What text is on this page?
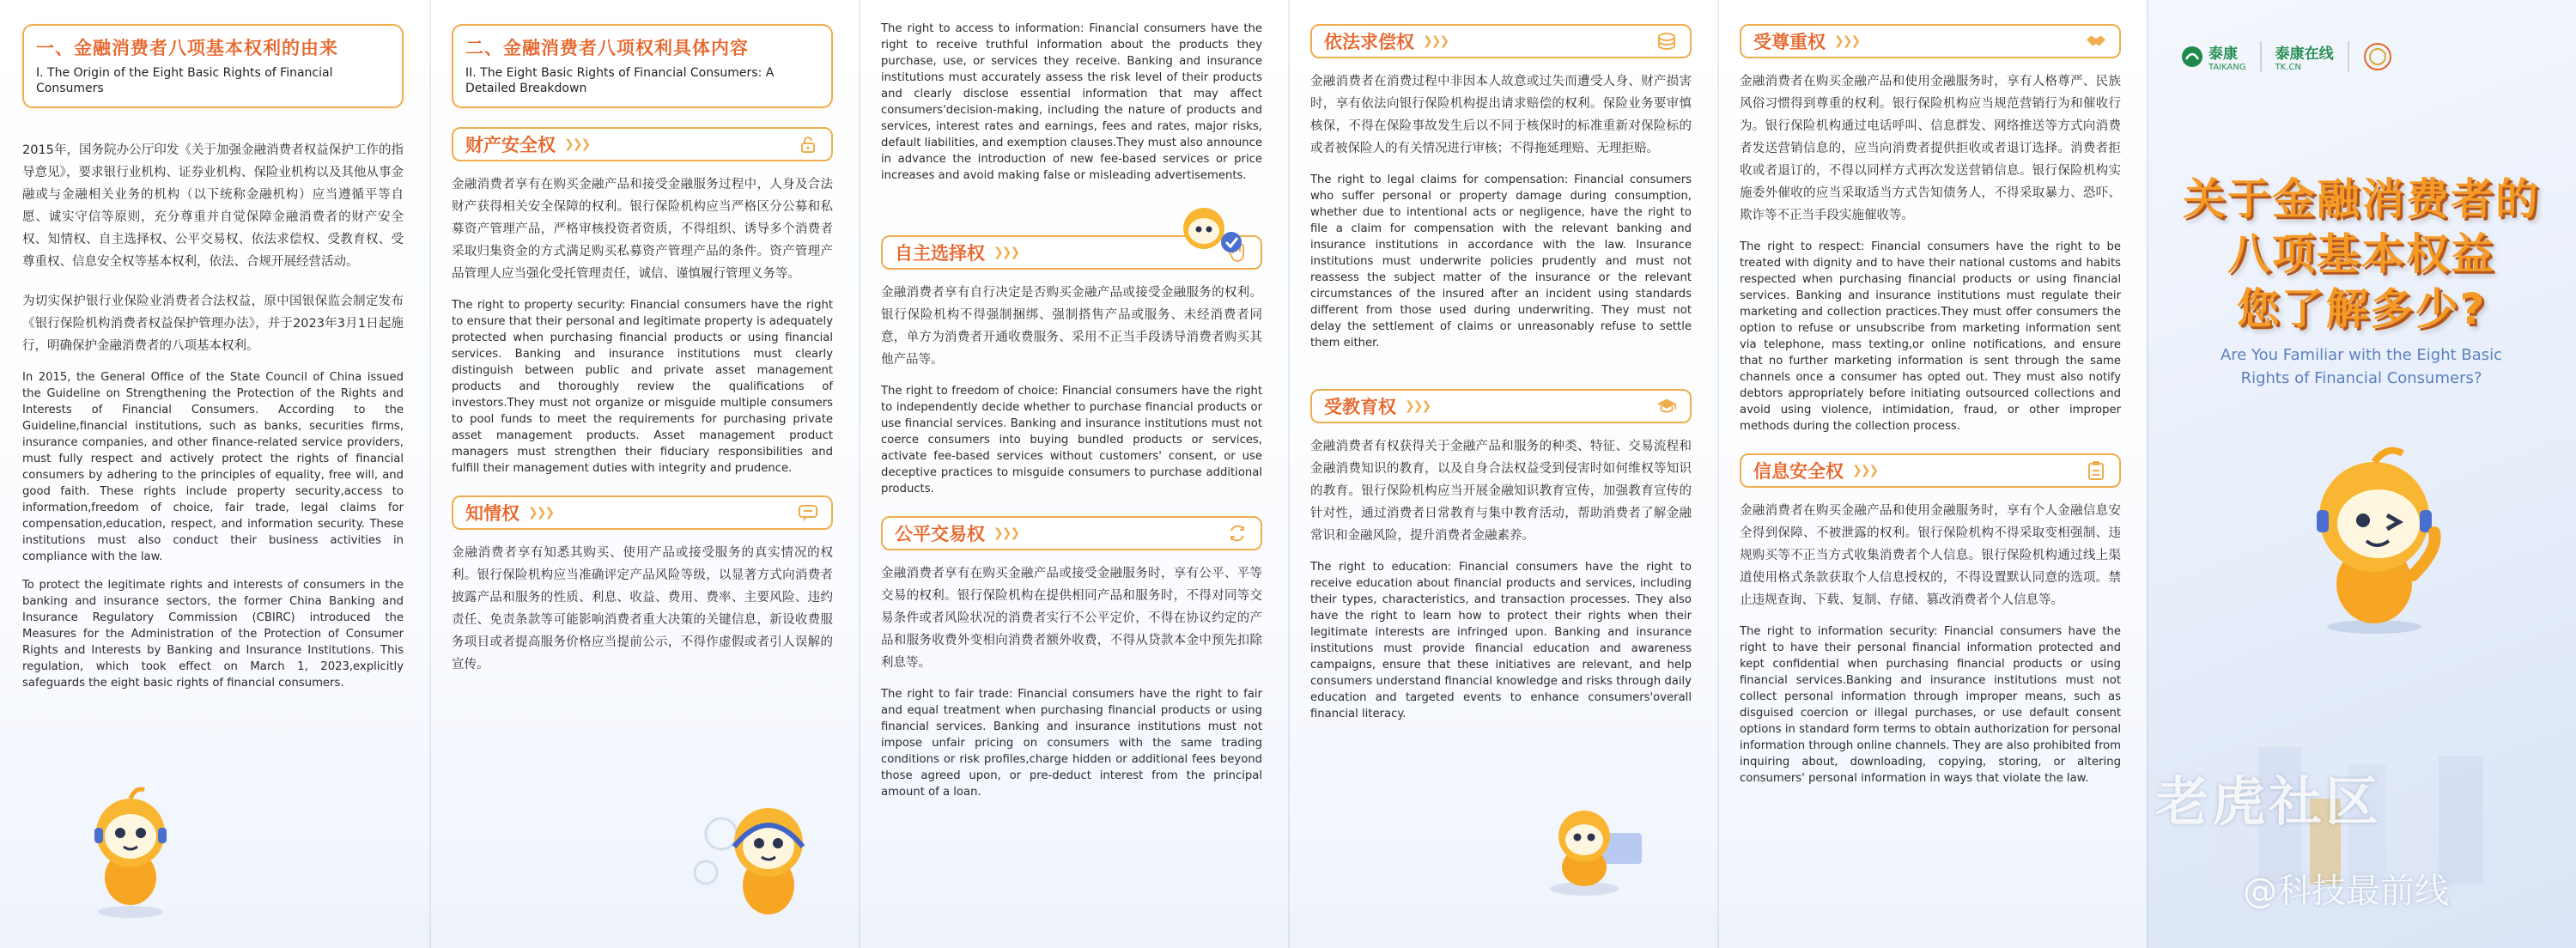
一、金融消费者八项基本权利的由来
I. The Origin of the Eight Basic Rights of Financial Consumers

2015年，国务院办公厅印发《关于加强金融消费者权益保护工作的指导意见》，要求银行业机构、证券业机构、保险业机构以及其他从事金融或与金融相关业务的机构（以下统称金融机构）应当遵循平等自愿、诚实守信等原则，充分尊重并自觉保障金融消费者的财产安全权、知情权、自主选择权、公平交易权、依法求偿权、受教育权、受尊重权、信息安全权等基本权利，依法、合规开展经营活动。

为切实保护银行业保险业消费者合法权益，原中国银保监会制定发布《银行保险机构消费者权益保护管理办法》，并于2023年3月1日起施行，明确保护金融消费者的八项基本权利。

In 2015, the General Office of the State Council of China issued the Guideline on Strengthening the Protection of the Rights and Interests of Financial Consumers. According to the Guideline,financial institutions, such as banks, securities firms, insurance companies, and other finance-related service providers, must fully respect and actively protect the rights of financial consumers by adhering to the principles of equality, free will, and good faith. These rights include property security,access to information,freedom of choice, fair trade, legal claims for compensation,education, respect, and information security. These institutions must also conduct their business activities in compliance with the law.

To protect the legitimate rights and interests of consumers in the banking and insurance sectors, the former China Banking and Insurance Regulatory Commission (CBIRC) introduced the Measures for the Administration of the Protection of Consumer Rights and Interests by Banking and Insurance Institutions. This regulation, which took effect on March 1, 2023,explicitly safeguards the eight basic rights of financial consumers.

二、金融消费者八项权利具体内容
II. The Eight Basic Rights of Financial Consumers: A Detailed Breakdown
财产安全权 ❯❯❯

金融消费者享有在购买金融产品和接受金融服务过程中，人身及合法财产获得相关安全保障的权利。银行保险机构应当严格区分公募和私募资产管理产品，严格审核投资者资质，不得组织、诱导多个消费者采取归集资金的方式满足购买私募资产管理产品的条件。资产管理产品管理人应当强化受托管理责任，诚信、谨慎履行管理义务等。

The right to property security: Financial consumers have the right to ensure that their personal and legitimate property is adequately protected when purchasing financial products or using financial services. Banking and insurance institutions must clearly distinguish between public and private asset management products and thoroughly review the qualifications of investors.They must not organize or misguide multiple consumers to pool funds to meet the requirements for purchasing private asset management products. Asset management product managers must strengthen their fiduciary responsibilities and fulfill their management duties with integrity and prudence.

知情权 ❯❯❯

金融消费者享有知悉其购买、使用产品或接受服务的真实情况的权利。银行保险机构应当准确评定产品风险等级，以显著方式向消费者披露产品和服务的性质、利息、收益、费用、费率、主要风险、违约责任、免责条款等可能影响消费者重大决策的关键信息，新设收费服务项目或者提高服务价格应当提前公示，不得作虚假或者引人误解的宣传。

The right to access to information: Financial consumers have the right to receive truthful information about the products they purchase, use, or services they receive. Banking and insurance institutions must accurately assess the risk level of their products and clearly disclose essential information that may affect consumers'decision-making, including the nature of products and services, interest rates and earnings, fees and rates, major risks, default liabilities, and exemption clauses.They must also announce in advance the introduction of new fee-based services or price increases and avoid making false or misleading advertisements.

自主选择权 ❯❯❯

金融消费者享有自行决定是否购买金融产品或接受金融服务的权利。银行保险机构不得强制捆绑、强制搭售产品或服务、未经消费者同意，单方为消费者开通收费服务、采用不正当手段诱导消费者购买其他产品等。

The right to freedom of choice: Financial consumers have the right to independently decide whether to purchase financial products or use financial services. Banking and insurance institutions must not coerce consumers into buying bundled products or services, activate fee-based services without customers' consent, or use deceptive practices to misguide consumers to purchase additional products.

公平交易权 ❯❯❯

金融消费者享有在购买金融产品或接受金融服务时，享有公平、平等交易的权利。银行保险机构在提供相同产品和服务时，不得对同等交易条件或者风险状况的消费者实行不公平定价，不得在协议约定的产品和服务收费外变相向消费者额外收费，不得从贷款本金中预先扣除利息等。

The right to fair trade: Financial consumers have the right to fair and equal treatment when purchasing financial products or using financial services. Banking and insurance institutions must not impose unfair pricing on consumers with the same trading conditions or risk profiles,charge hidden or additional fees beyond those agreed upon, or pre-deduct interest from the principal amount of a loan.

依法求偿权 ❯❯❯

金融消费者在消费过程中非因本人故意或过失而遭受人身、财产损害时，享有依法向银行保险机构提出请求赔偿的权利。保险业务要审慎核保，不得在保险事故发生后以不同于核保时的标准重新对保险标的或者被保险人的有关情况进行审核；不得拖延理赔、无理拒赔。

The right to legal claims for compensation: Financial consumers who suffer personal or property damage during consumption, whether due to intentional acts or negligence, have the right to file a claim for compensation with the relevant banking and insurance institutions in accordance with the law. Insurance institutions must underwrite policies prudently and must not reassess the subject matter of the insurance or the relevant circumstances of the insured after an incident using standards different from those used during underwriting. They must not delay the settlement of claims or unreasonably refuse to settle them either.

受教育权 ❯❯❯

金融消费者有权获得关于金融产品和服务的种类、特征、交易流程和金融消费知识的教育，以及自身合法权益受到侵害时如何维权等知识的教育。银行保险机构应当开展金融知识教育宣传，加强教育宣传的针对性，通过消费者日常教育与集中教育活动，帮助消费者了解金融常识和金融风险，提升消费者金融素养。

The right to education: Financial consumers have the right to receive education about financial products and services, including their types, characteristics, and transaction processes. They also have the right to learn how to protect their rights when their legitimate interests are infringed upon. Banking and insurance institutions must provide financial education and awareness campaigns, ensure that these initiatives are relevant, and help consumers understand financial knowledge and risks through daily education and targeted events to enhance consumers'overall financial literacy.

受尊重权 ❯❯❯

金融消费者在购买金融产品和使用金融服务时，享有人格尊严、民族风俗习惯得到尊重的权利。银行保险机构应当规范营销行为和催收行为。银行保险机构通过电话呼叫、信息群发、网络推送等方式向消费者发送营销信息的，应当向消费者提供拒收或者退订选择。消费者拒收或者退订的，不得以同样方式再次发送营销信息。银行保险机构实施委外催收的应当采取适当方式告知债务人，不得采取暴力、恐吓、欺诈等不正当手段实施催收等。

The right to respect: Financial consumers have the right to be treated with dignity and to have their national customs and habits respected when purchasing financial products or using financial services. Banking and insurance institutions must regulate their marketing and collection practices.They must offer consumers the option to refuse or unsubscribe from marketing information sent via telephone, mass texting,or online notifications, and ensure that no further marketing information is sent through the same channels once a consumer has opted out. They must also notify debtors appropriately before initiating outsourced collections and avoid using violence, intimidation, fraud, or other improper methods during the collection process.

信息安全权 ❯❯❯

金融消费者在购买金融产品和使用金融服务时，享有个人金融信息安全得到保障、不被泄露的权利。银行保险机构不得采取变相强制、违规购买等不正当方式收集消费者个人信息。银行保险机构通过线上渠道使用格式条款获取个人信息授权的，不得设置默认同意的选项。禁止违规查询、下载、复制、存储、篡改消费者个人信息等。

The right to information security: Financial consumers have the right to have their personal financial information protected and kept confidential when purchasing financial products or using financial services.Banking and insurance institutions must not collect personal information through improper means, such as disguised coercion or illegal purchases, or use default consent options in standard form terms to obtain authorization for personal information through online channels. They are also prohibited from inquiring about, downloading, copying, storing, or altering consumers' personal information in ways that violate the law.

泰康
TAIKANG
泰康在线
TK.CN
关于金融消费者的
八项基本权益
您了解多少?
Are You Familiar with the Eight Basic Rights of Financial Consumers?
老虎社区
@科技最前线
